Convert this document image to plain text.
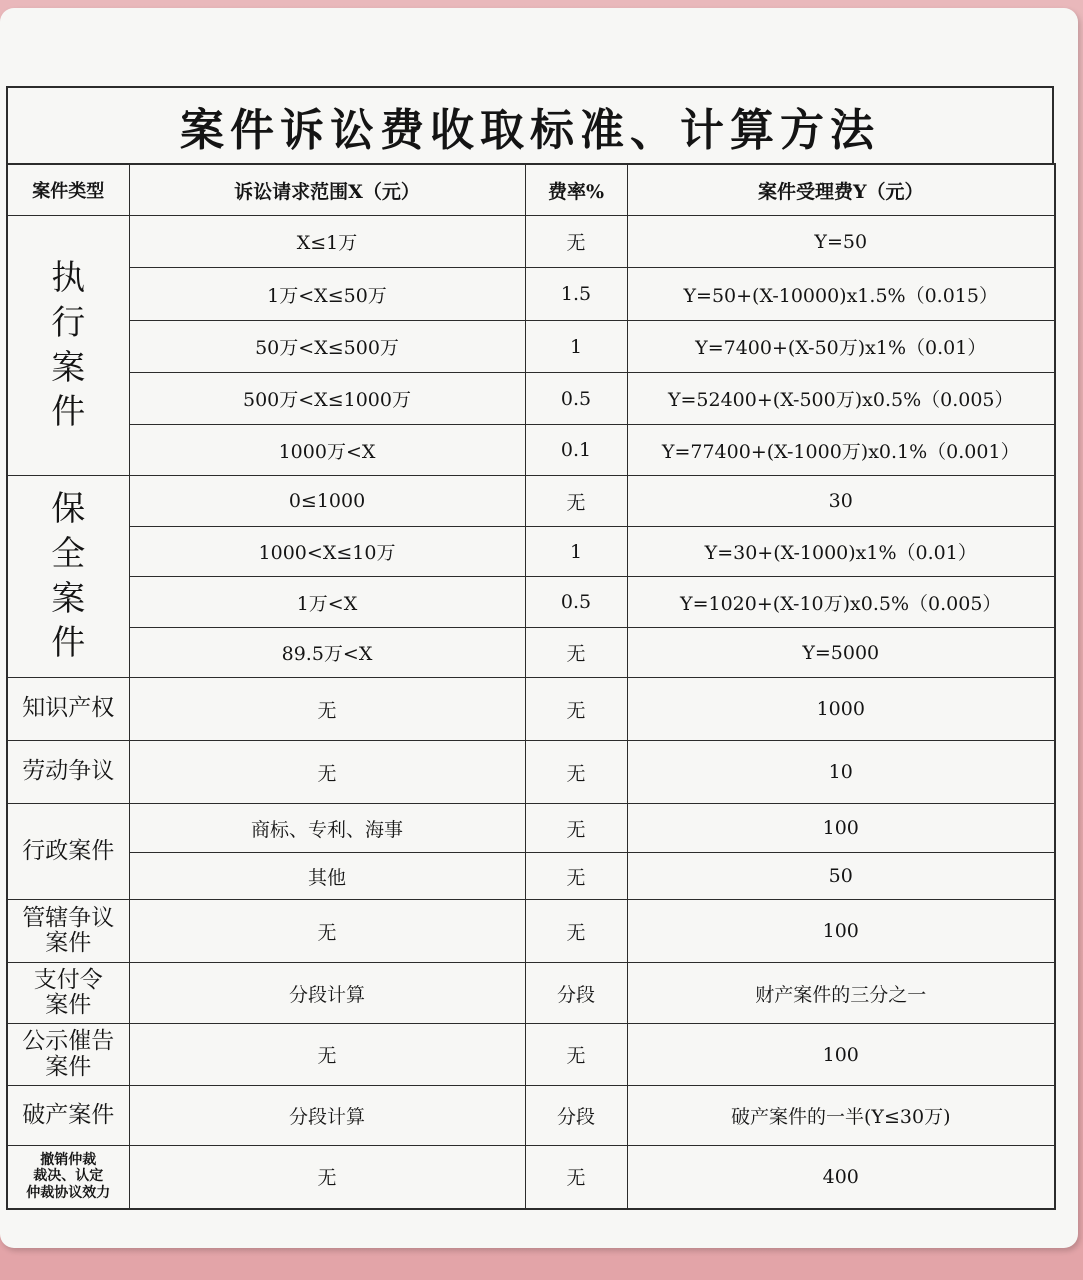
案件诉讼费收取标准、计算方法
案件类型	诉讼请求范围X（元）	费率%	案件受理费Y（元）
执
行
案
件	X≤1万	无	Y=50
	1万<X≤50万	1.5	Y=50+(X-10000)x1.5%（0.015）
	50万<X≤500万	1	Y=7400+(X-50万)x1%（0.01）
	500万<X≤1000万	0.5	Y=52400+(X-500万)x0.5%（0.005）
	1000万<X	0.1	Y=77400+(X-1000万)x0.1%（0.001）
保
全
案
件	0≤1000	无	30
	1000<X≤10万	1	Y=30+(X-1000)x1%（0.01）
	1万<X	0.5	Y=1020+(X-10万)x0.5%（0.005）
	89.5万<X	无	Y=5000
知识产权	无	无	1000
劳动争议	无	无	10
行政案件	商标、专利、海事	无	100
	其他	无	50
管辖争议
案件	无	无	100
支付令
案件	分段计算	分段	财产案件的三分之一
公示催告
案件	无	无	100
破产案件	分段计算	分段	破产案件的一半(Y≤30万)
撤销仲裁
裁决、认定
仲裁协议效力	无	无	400
